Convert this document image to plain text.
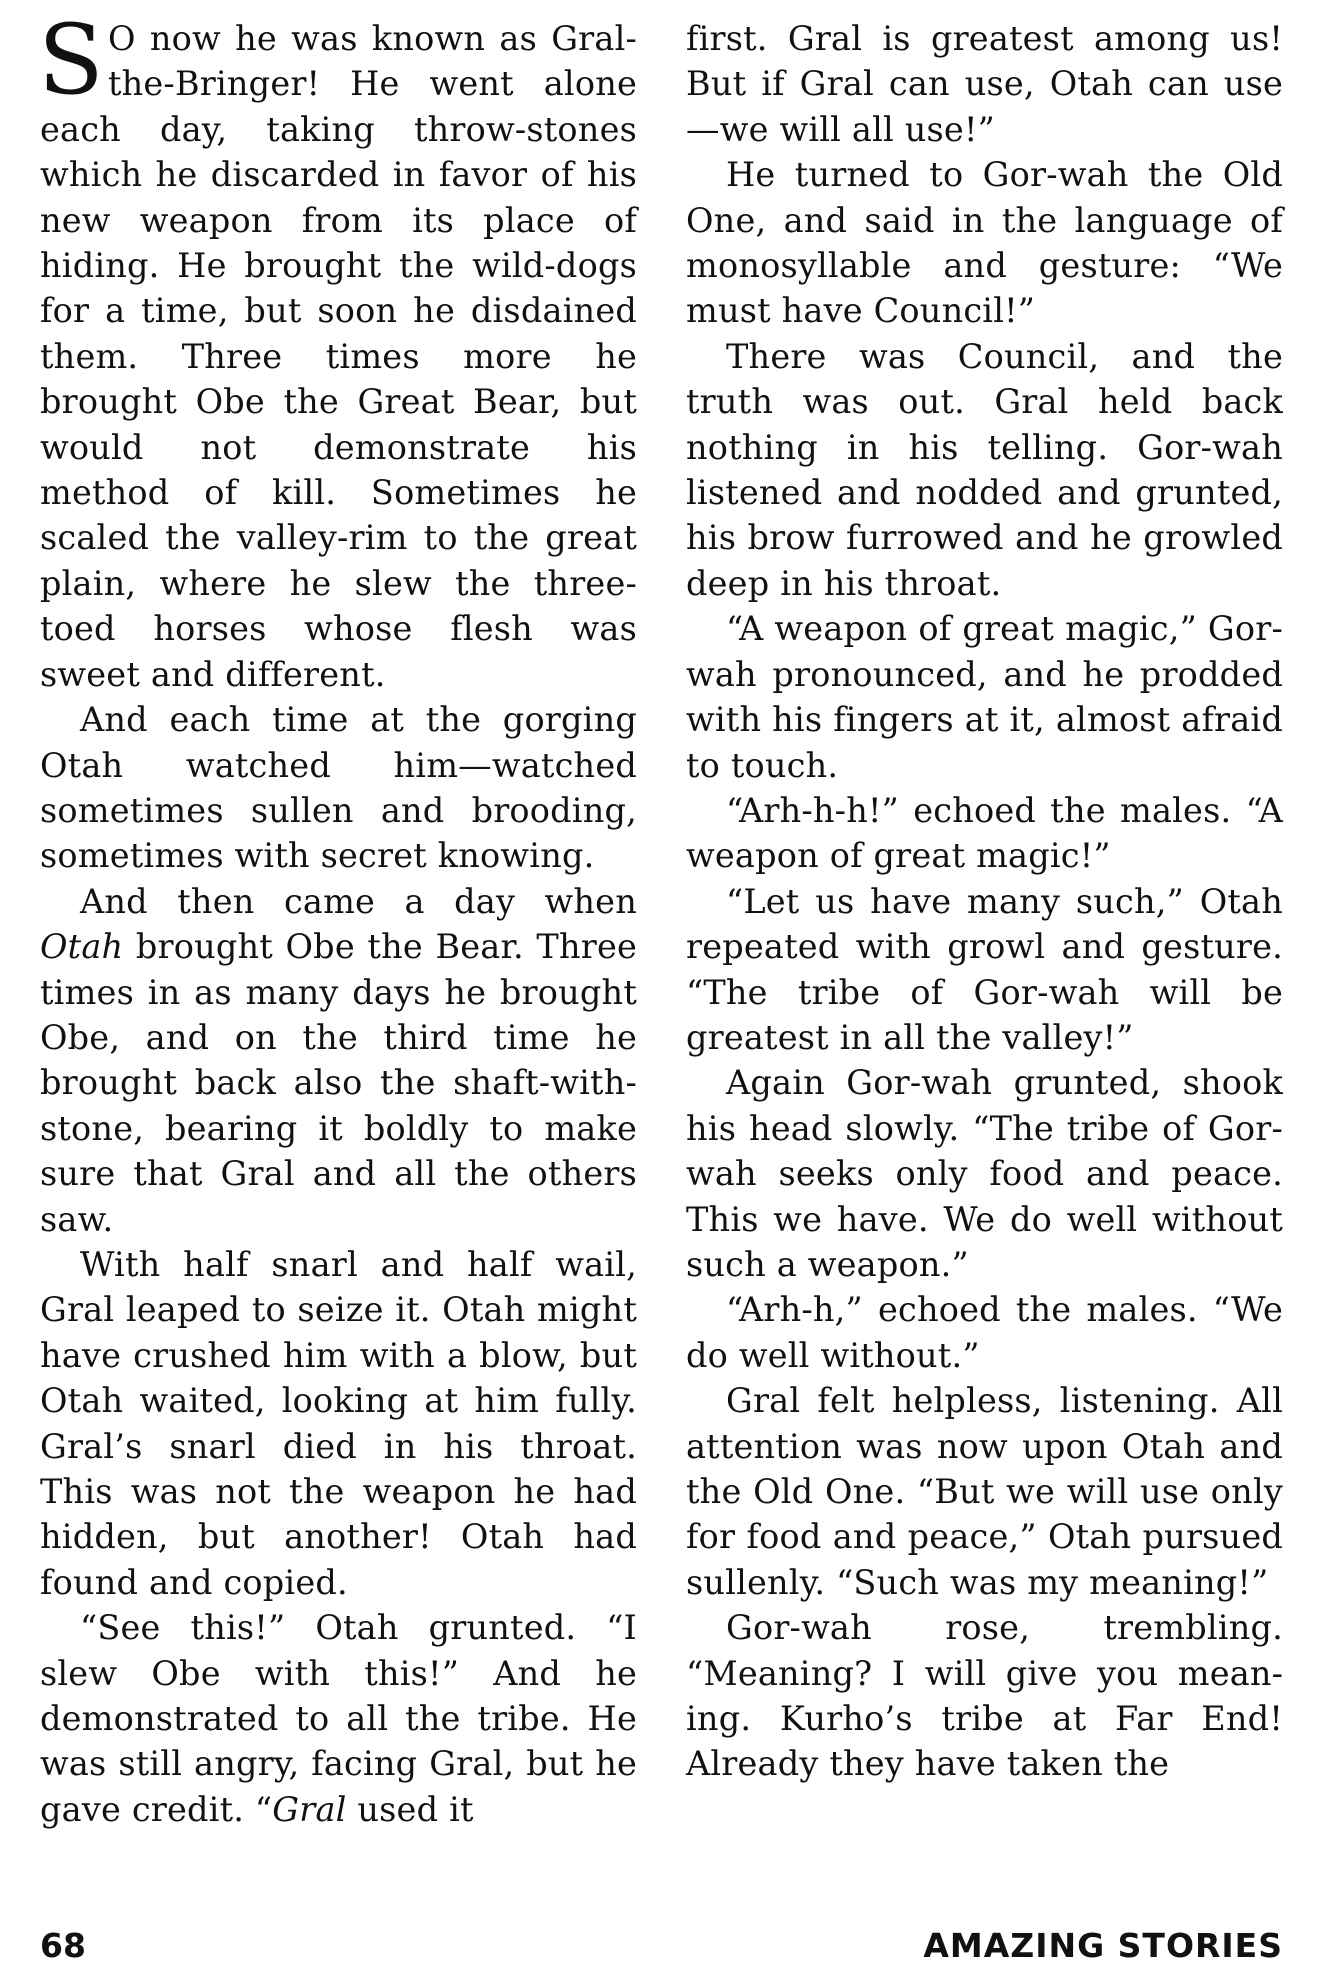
S O now he was known as Gral-the-Bringer! He went alone each day, taking throw-stones which he discarded in favor of his new weapon from its place of hiding. He brought the wild-dogs for a time, but soon he disdained them. Three times more he brought Obe the Great Bear, but would not demonstrate his method of kill. Sometimes he scaled the valley-rim to the great plain, where he slew the three-toed horses whose flesh was sweet and different.

And each time at the gorging Otah watched him—watched sometimes sullen and brooding, sometimes with secret knowing.

And then came a day when Otah brought Obe the Bear. Three times in as many days he brought Obe, and on the third time he brought back also the shaft-with-stone, bearing it boldly to make sure that Gral and all the others saw.

With half snarl and half wail, Gral leaped to seize it. Otah might have crushed him with a blow, but Otah waited, looking at him fully. Gral’s snarl died in his throat. This was not the weapon he had hidden, but another! Otah had found and copied.

“See this!” Otah grunted. “I slew Obe with this!” And he demonstrated to all the tribe. He was still angry, facing Gral, but he gave credit. “Gral used it

first. Gral is greatest among us! But if Gral can use, Otah can use—we will all use!”

He turned to Gor-wah the Old One, and said in the language of monosyllable and gesture: “We must have Council!”

There was Council, and the truth was out. Gral held back nothing in his telling. Gor-wah listened and nodded and grunted, his brow furrowed and he growled deep in his throat.

“A weapon of great magic,” Gor-wah pronounced, and he prodded with his fingers at it, almost afraid to touch.

“Arh-h-h!” echoed the males. “A weapon of great magic!”

“Let us have many such,” Otah repeated with growl and gesture. “The tribe of Gor-wah will be greatest in all the valley!”

Again Gor-wah grunted, shook his head slowly. “The tribe of Gor-wah seeks only food and peace. This we have. We do well without such a weapon.”

“Arh-h,” echoed the males. “We do well without.”

Gral felt helpless, listening. All attention was now upon Otah and the Old One. “But we will use only for food and peace,” Otah pursued sullenly. “Such was my meaning!”

Gor-wah rose, trembling. “Meaning? I will give you meaning. Kurho’s tribe at Far End! Already they have taken the

68	AMAZING STORIES
